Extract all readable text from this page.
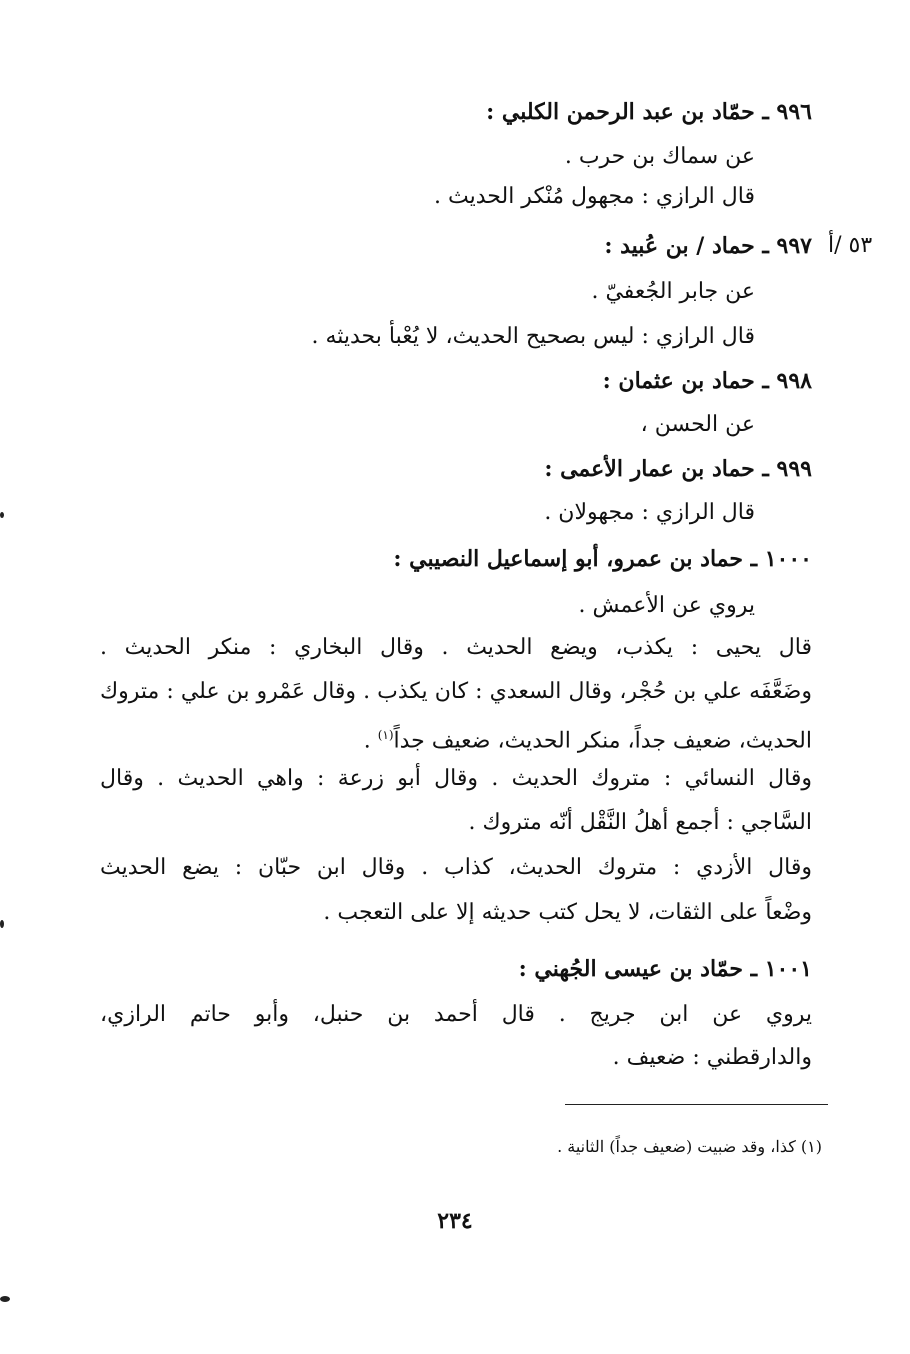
٥٣ /أ
٩٩٦ ـ حمّاد بن عبد الرحمن الكلبي :
عن سماك بن حرب .
قال الرازي : مجهول مُنْكر الحديث .
٩٩٧ ـ حماد / بن عُبيد :
عن جابر الجُعفيّ .
قال الرازي : ليس بصحيح الحديث، لا يُعْبأ بحديثه .
٩٩٨ ـ حماد بن عثمان :
عن الحسن ،
٩٩٩ ـ حماد بن عمار الأعمى :
قال الرازي : مجهولان .
١٠٠٠ ـ حماد بن عمرو، أبو إسماعيل النصيبي :
يروي عن الأعمش .
قال يحيى : يكذب، ويضع الحديث . وقال البخاري : منكر الحديث .
وضَعَّفَه علي بن حُجْر، وقال السعدي : كان يكذب . وقال عَمْرو بن علي : متروك
الحديث، ضعيف جداً، منكر الحديث، ضعيف جداً$^{(١)}$ .
وقال النسائي : متروك الحديث . وقال أبو زرعة : واهي الحديث . وقال
السَّاجي : أجمع أهلُ النَّقْل أنّه متروك .
وقال الأزدي : متروك الحديث، كذاب . وقال ابن حبّان : يضع الحديث
وضْعاً على الثقات، لا يحل كتب حديثه إلا على التعجب .
١٠٠١ ـ حمّاد بن عيسى الجُهني :
يروي عن ابن جريج . قال أحمد بن حنبل، وأبو حاتم الرازي،
والدارقطني : ضعيف .
(١) كذا، وقد ضبيت (ضعيف جداً) الثانية .
٢٣٤
